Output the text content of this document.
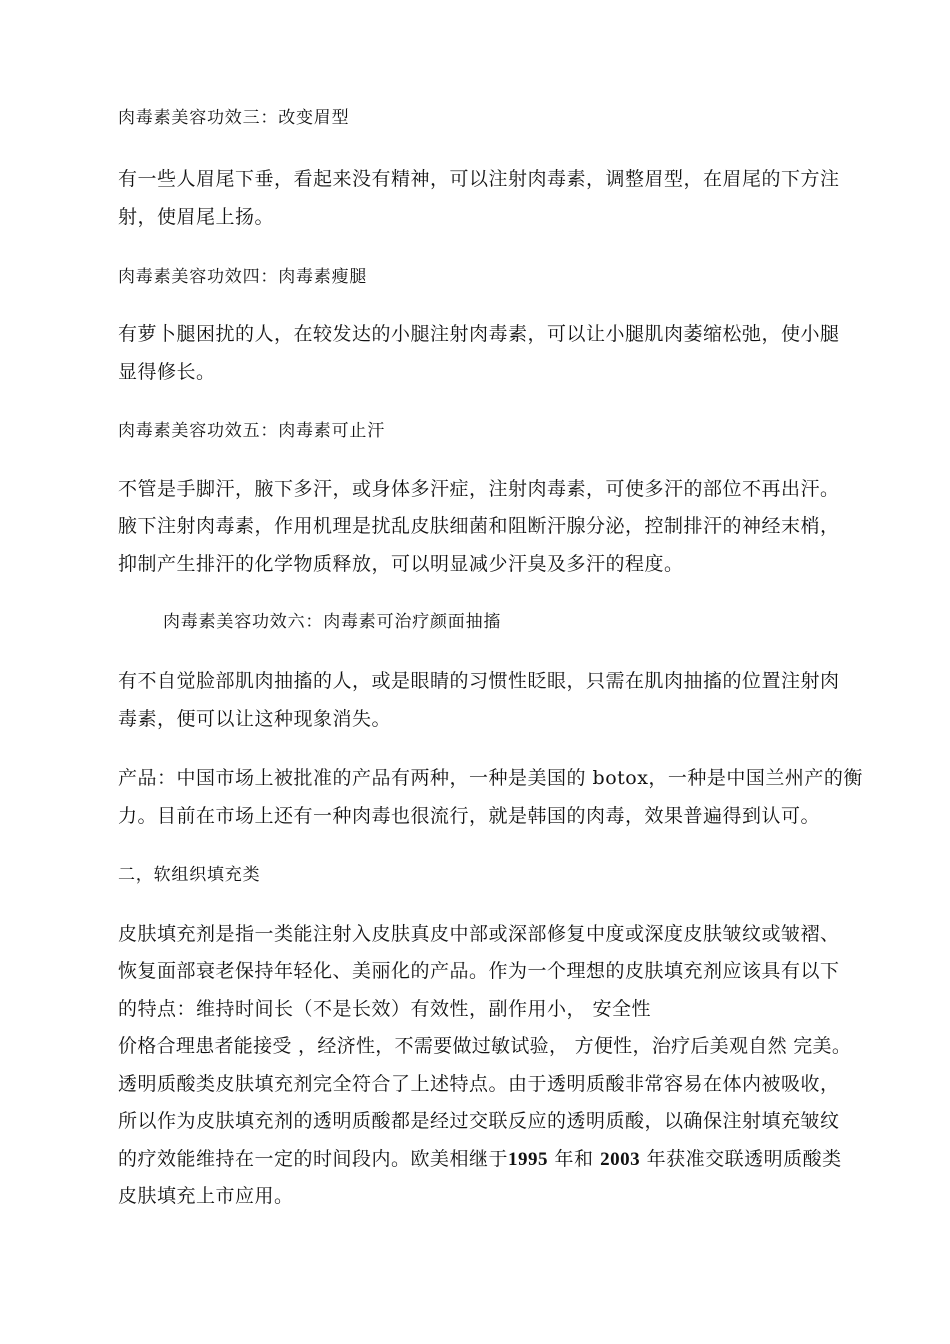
肉毒素美容功效三：改变眉型
有一些人眉尾下垂，看起来没有精神，可以注射肉毒素，调整眉型，在眉尾的下方注
射，使眉尾上扬。
肉毒素美容功效四：肉毒素瘦腿
有萝卜腿困扰的人，在较发达的小腿注射肉毒素，可以让小腿肌肉萎缩松弛，使小腿
显得修长。
肉毒素美容功效五：肉毒素可止汗
不管是手脚汗，腋下多汗，或身体多汗症，注射肉毒素，可使多汗的部位不再出汗。
腋下注射肉毒素，作用机理是扰乱皮肤细菌和阻断汗腺分泌，控制排汗的神经末梢，
抑制产生排汗的化学物质释放，可以明显减少汗臭及多汗的程度。
肉毒素美容功效六：肉毒素可治疗颜面抽搐
有不自觉脸部肌肉抽搐的人，或是眼睛的习惯性眨眼，只需在肌肉抽搐的位置注射肉
毒素，便可以让这种现象消失。
产品：中国市场上被批准的产品有两种，一种是美国的 botox，一种是中国兰州产的衡
力。目前在市场上还有一种肉毒也很流行，就是韩国的肉毒，效果普遍得到认可。
二，软组织填充类
皮肤填充剂是指一类能注射入皮肤真皮中部或深部修复中度或深度皮肤皱纹或皱褶、
恢复面部衰老保持年轻化、美丽化的产品。作为一个理想的皮肤填充剂应该具有以下
的特点：维持时间长（不是长效）有效性，副作用小， 安全性
价格合理患者能接受 ，经济性，不需要做过敏试验， 方便性，治疗后美观自然 完美。
透明质酸类皮肤填充剂完全符合了上述特点。由于透明质酸非常容易在体内被吸收，
所以作为皮肤填充剂的透明质酸都是经过交联反应的透明质酸，以确保注射填充皱纹
的疗效能维持在一定的时间段内。欧美相继于1995 年和 2003 年获准交联透明质酸类
皮肤填充上市应用。
